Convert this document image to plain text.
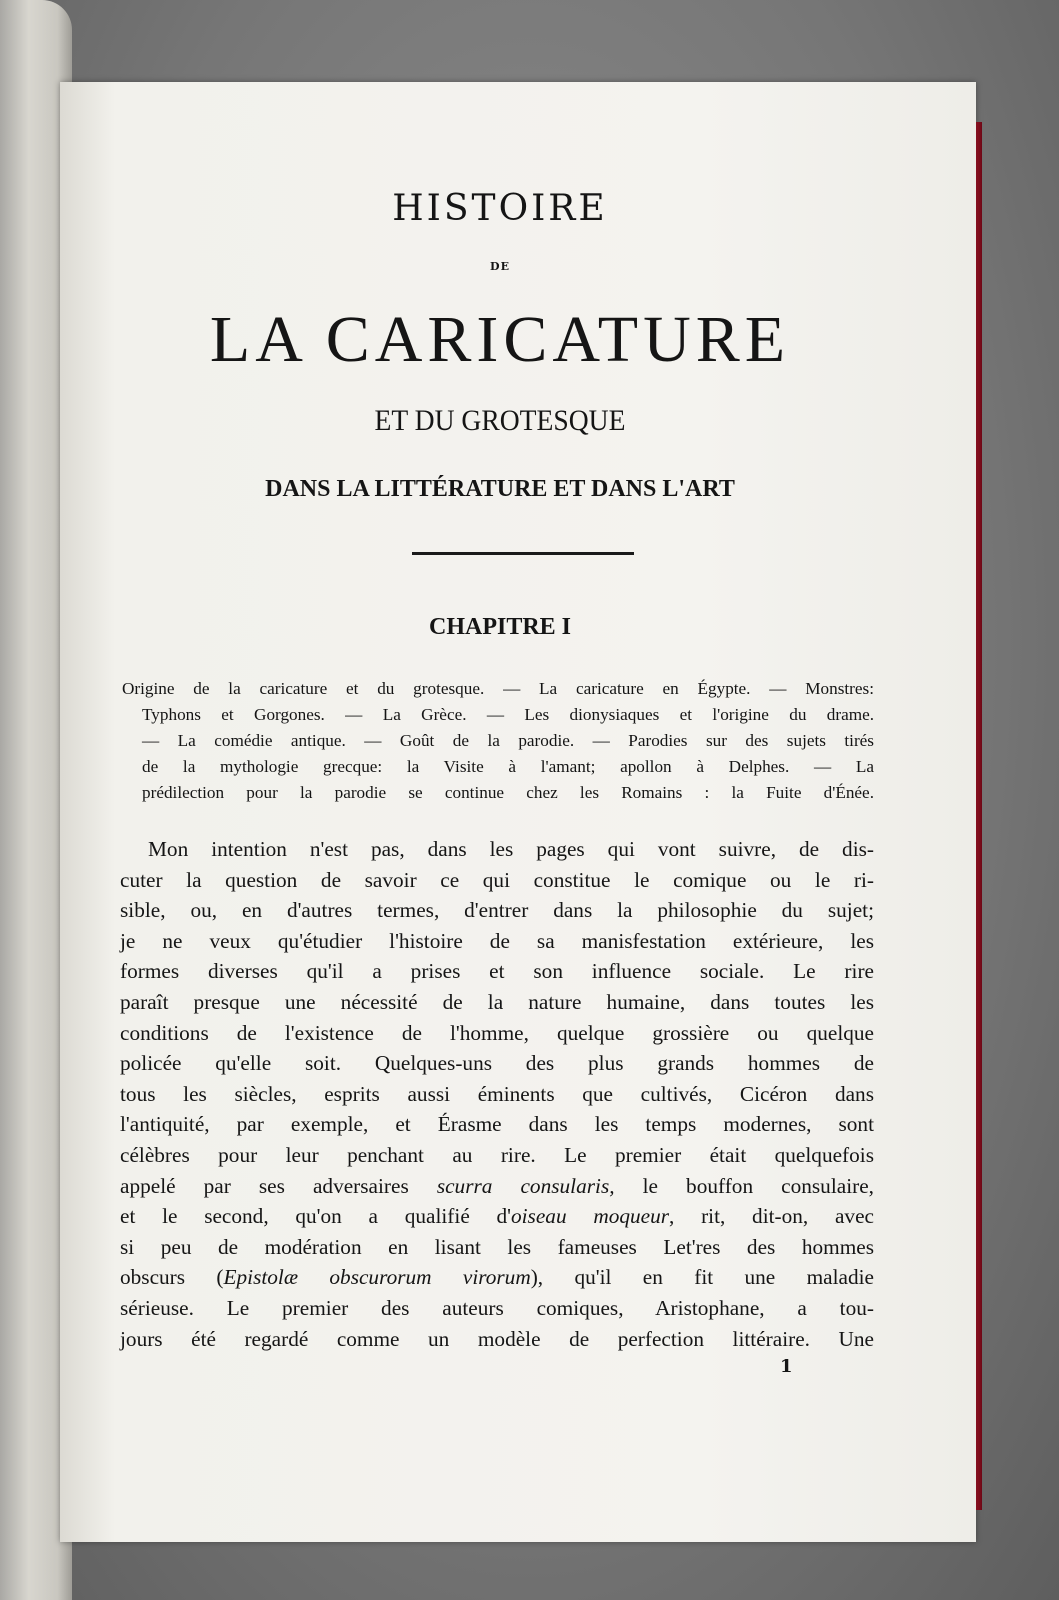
HISTOIRE
DE
LA CARICATURE
ET DU GROTESQUE
DANS LA LITTÉRATURE ET DANS L'ART
CHAPITRE I
Origine de la caricature et du grotesque. — La caricature en Égypte. — Monstres:
Typhons et Gorgones. — La Grèce. — Les dionysiaques et l'origine du drame.
— La comédie antique. — Goût de la parodie. — Parodies sur des sujets tirés
de la mythologie grecque: la Visite à l'amant; apollon à Delphes. — La
prédilection pour la parodie se continue chez les Romains : la Fuite d'Énée.
Mon intention n'est pas, dans les pages qui vont suivre, de dis-
cuter la question de savoir ce qui constitue le comique ou le ri-
sible, ou, en d'autres termes, d'entrer dans la philosophie du sujet;
je ne veux qu'étudier l'histoire de sa manisfestation extérieure, les
formes diverses qu'il a prises et son influence sociale. Le rire
paraît presque une nécessité de la nature humaine, dans toutes les
conditions de l'existence de l'homme, quelque grossière ou quelque
policée qu'elle soit. Quelques-uns des plus grands hommes de
tous les siècles, esprits aussi éminents que cultivés, Cicéron dans
l'antiquité, par exemple, et Érasme dans les temps modernes, sont
célèbres pour leur penchant au rire. Le premier était quelquefois
appelé par ses adversaires scurra consularis, le bouffon consulaire,
et le second, qu'on a qualifié d'oiseau moqueur, rit, dit-on, avec
si peu de modération en lisant les fameuses Let'res des hommes
obscurs (Epistolæ obscurorum virorum), qu'il en fit une maladie
sérieuse. Le premier des auteurs comiques, Aristophane, a tou-
jours été regardé comme un modèle de perfection littéraire. Une
1
